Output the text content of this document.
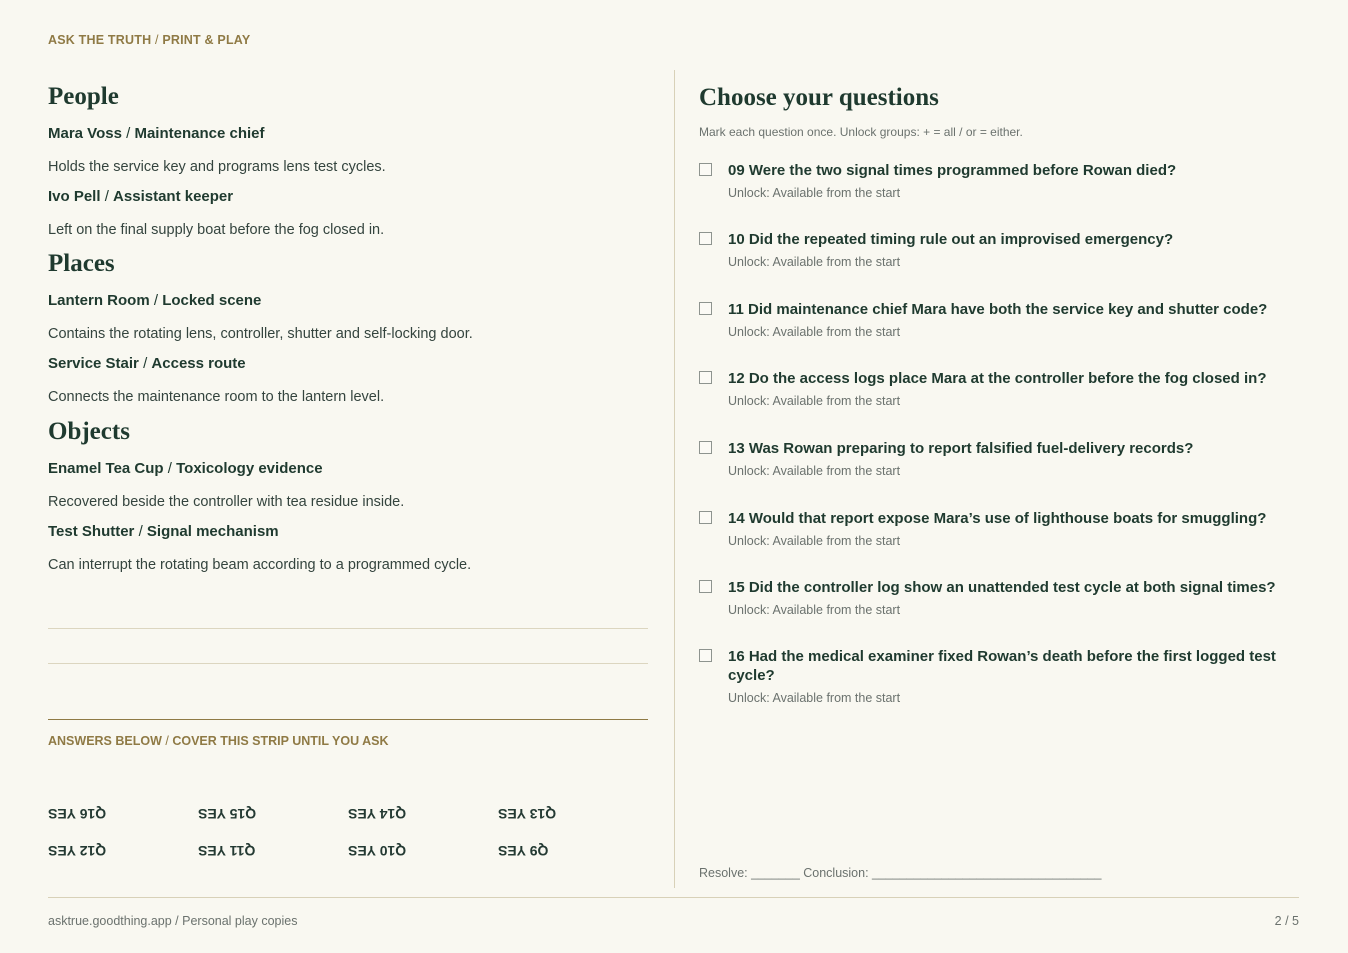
ASK THE TRUTH / PRINT & PLAY
People
Mara Voss / Maintenance chief
Holds the service key and programs lens test cycles.
Ivo Pell / Assistant keeper
Left on the final supply boat before the fog closed in.
Places
Lantern Room / Locked scene
Contains the rotating lens, controller, shutter and self-locking door.
Service Stair / Access route
Connects the maintenance room to the lantern level.
Objects
Enamel Tea Cup / Toxicology evidence
Recovered beside the controller with tea residue inside.
Test Shutter / Signal mechanism
Can interrupt the rotating beam according to a programmed cycle.
ANSWERS BELOW / COVER THIS STRIP UNTIL YOU ASK
Q16 YES	Q15 YES	Q14 YES	Q13 YES
Q12 YES	Q11 YES	Q10 YES	Q9 YES
Choose your questions
Mark each question once. Unlock groups: + = all / or = either.
09 Were the two signal times programmed before Rowan died?
Unlock: Available from the start
10 Did the repeated timing rule out an improvised emergency?
Unlock: Available from the start
11 Did maintenance chief Mara have both the service key and shutter code?
Unlock: Available from the start
12 Do the access logs place Mara at the controller before the fog closed in?
Unlock: Available from the start
13 Was Rowan preparing to report falsified fuel-delivery records?
Unlock: Available from the start
14 Would that report expose Mara’s use of lighthouse boats for smuggling?
Unlock: Available from the start
15 Did the controller log show an unattended test cycle at both signal times?
Unlock: Available from the start
16 Had the medical examiner fixed Rowan’s death before the first logged test cycle?
Unlock: Available from the start
Resolve: _______ Conclusion: _________________________________
asktrue.goodthing.app / Personal play copies	2 / 5
